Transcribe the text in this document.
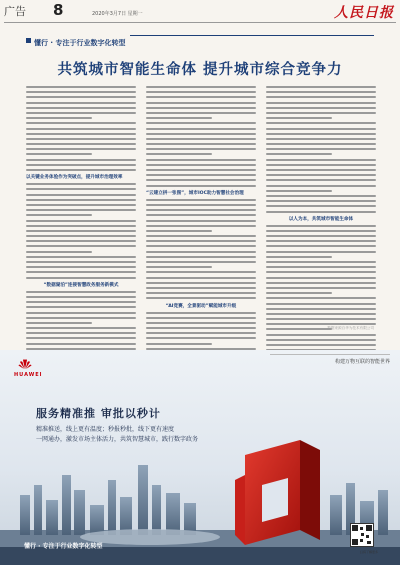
广告 8	2020年3月7日 星期一	人民日报
懂行 · 专注于行业数字化转型
共筑城市智能生命体 提升城市综合竞争力
以关键业务体验作为突破点，提升城市治理效率
“数据湖泊”连接智慧政务服务新模式
“云建立拼一张图”，城市IOC助力智慧社会治理
“AI竞赛，全景驱动”赋能城市升级
以人为本，共筑城市智能生命体
数据来源自华为技术有限公司
HUAWEI
构建万物互联的智能世界
服务精准推 审批以秒计
精准推送，线上更有温度；秒报秒批，线下更有速度
一网通办，激发市场主体活力，共筑智慧城市，践行数字政务
懂行 · 专注于行业数字化转型
扫码了解更多
